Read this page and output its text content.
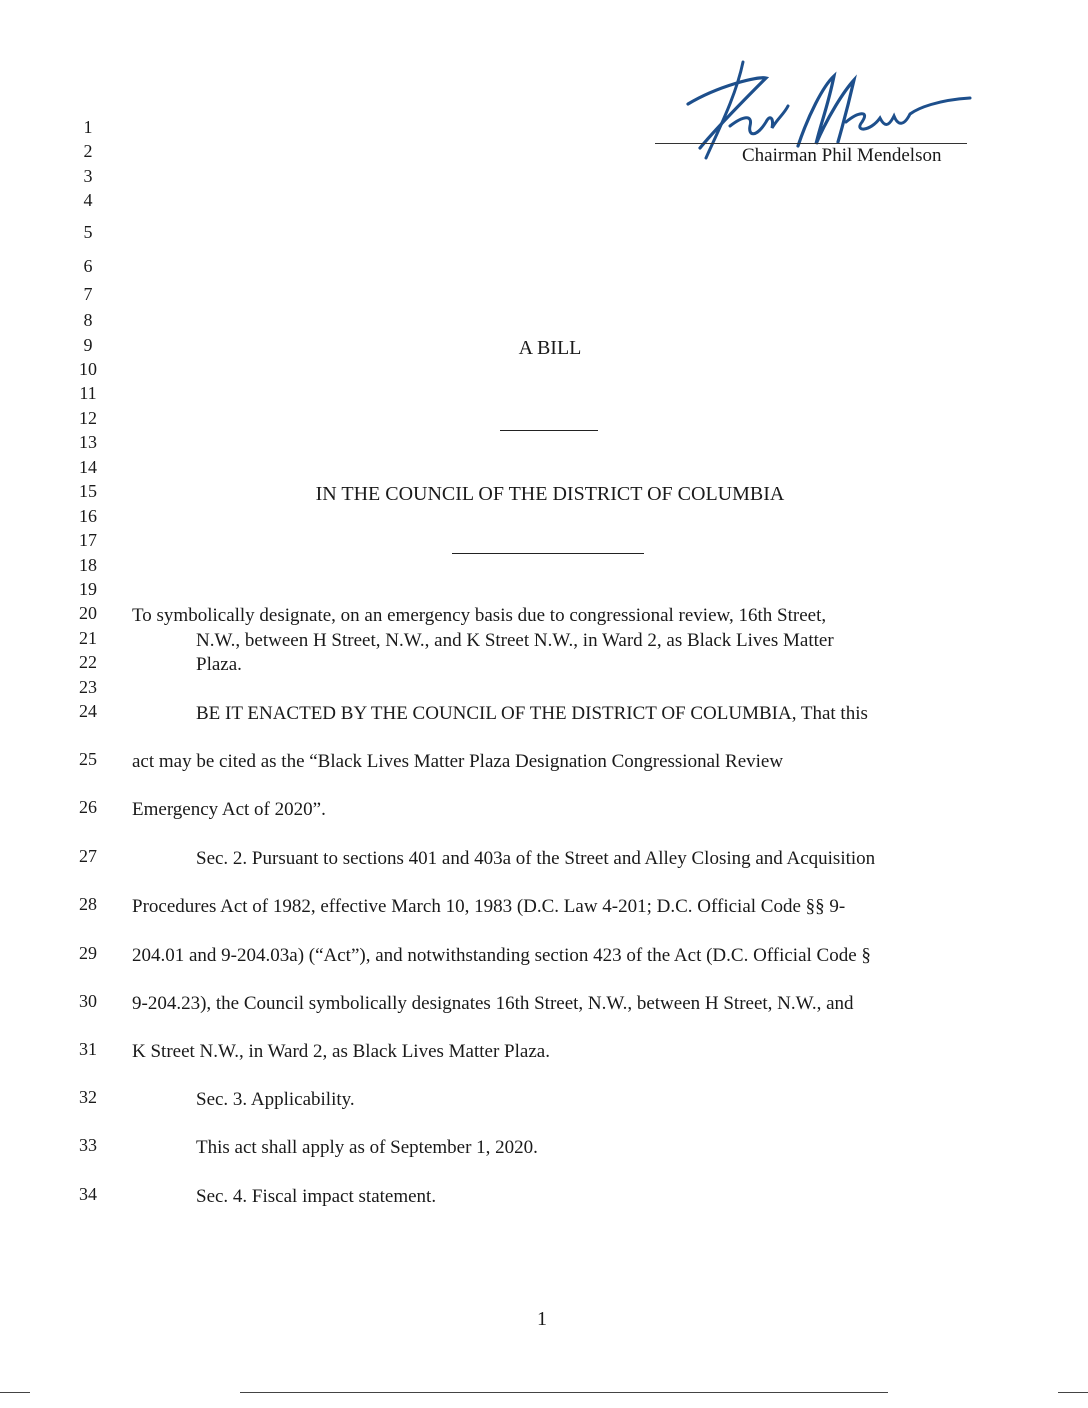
Chairman Phil Mendelson
1
2
3
4
5
6
7
8
9
10
11
12
13
14
15
16
17
18
19
20
21
22
23
24
25
26
27
28
29
30
31
32
33
34
A BILL
IN THE COUNCIL OF THE DISTRICT OF COLUMBIA
To symbolically designate, on an emergency basis due to congressional review, 16th Street,
N.W., between H Street, N.W., and K Street N.W., in Ward 2, as Black Lives Matter
Plaza.
BE IT ENACTED BY THE COUNCIL OF THE DISTRICT OF COLUMBIA, That this
act may be cited as the “Black Lives Matter Plaza Designation Congressional Review
Emergency Act of 2020”.
Sec. 2. Pursuant to sections 401 and 403a of the Street and Alley Closing and Acquisition
Procedures Act of 1982, effective March 10, 1983 (D.C. Law 4-201; D.C. Official Code §§ 9-
204.01 and 9-204.03a) (“Act”), and notwithstanding section 423 of the Act (D.C. Official Code §
9-204.23), the Council symbolically designates 16th Street, N.W., between H Street, N.W., and
K Street N.W., in Ward 2, as Black Lives Matter Plaza.
Sec. 3. Applicability.
This act shall apply as of September 1, 2020.
Sec. 4. Fiscal impact statement.
1
